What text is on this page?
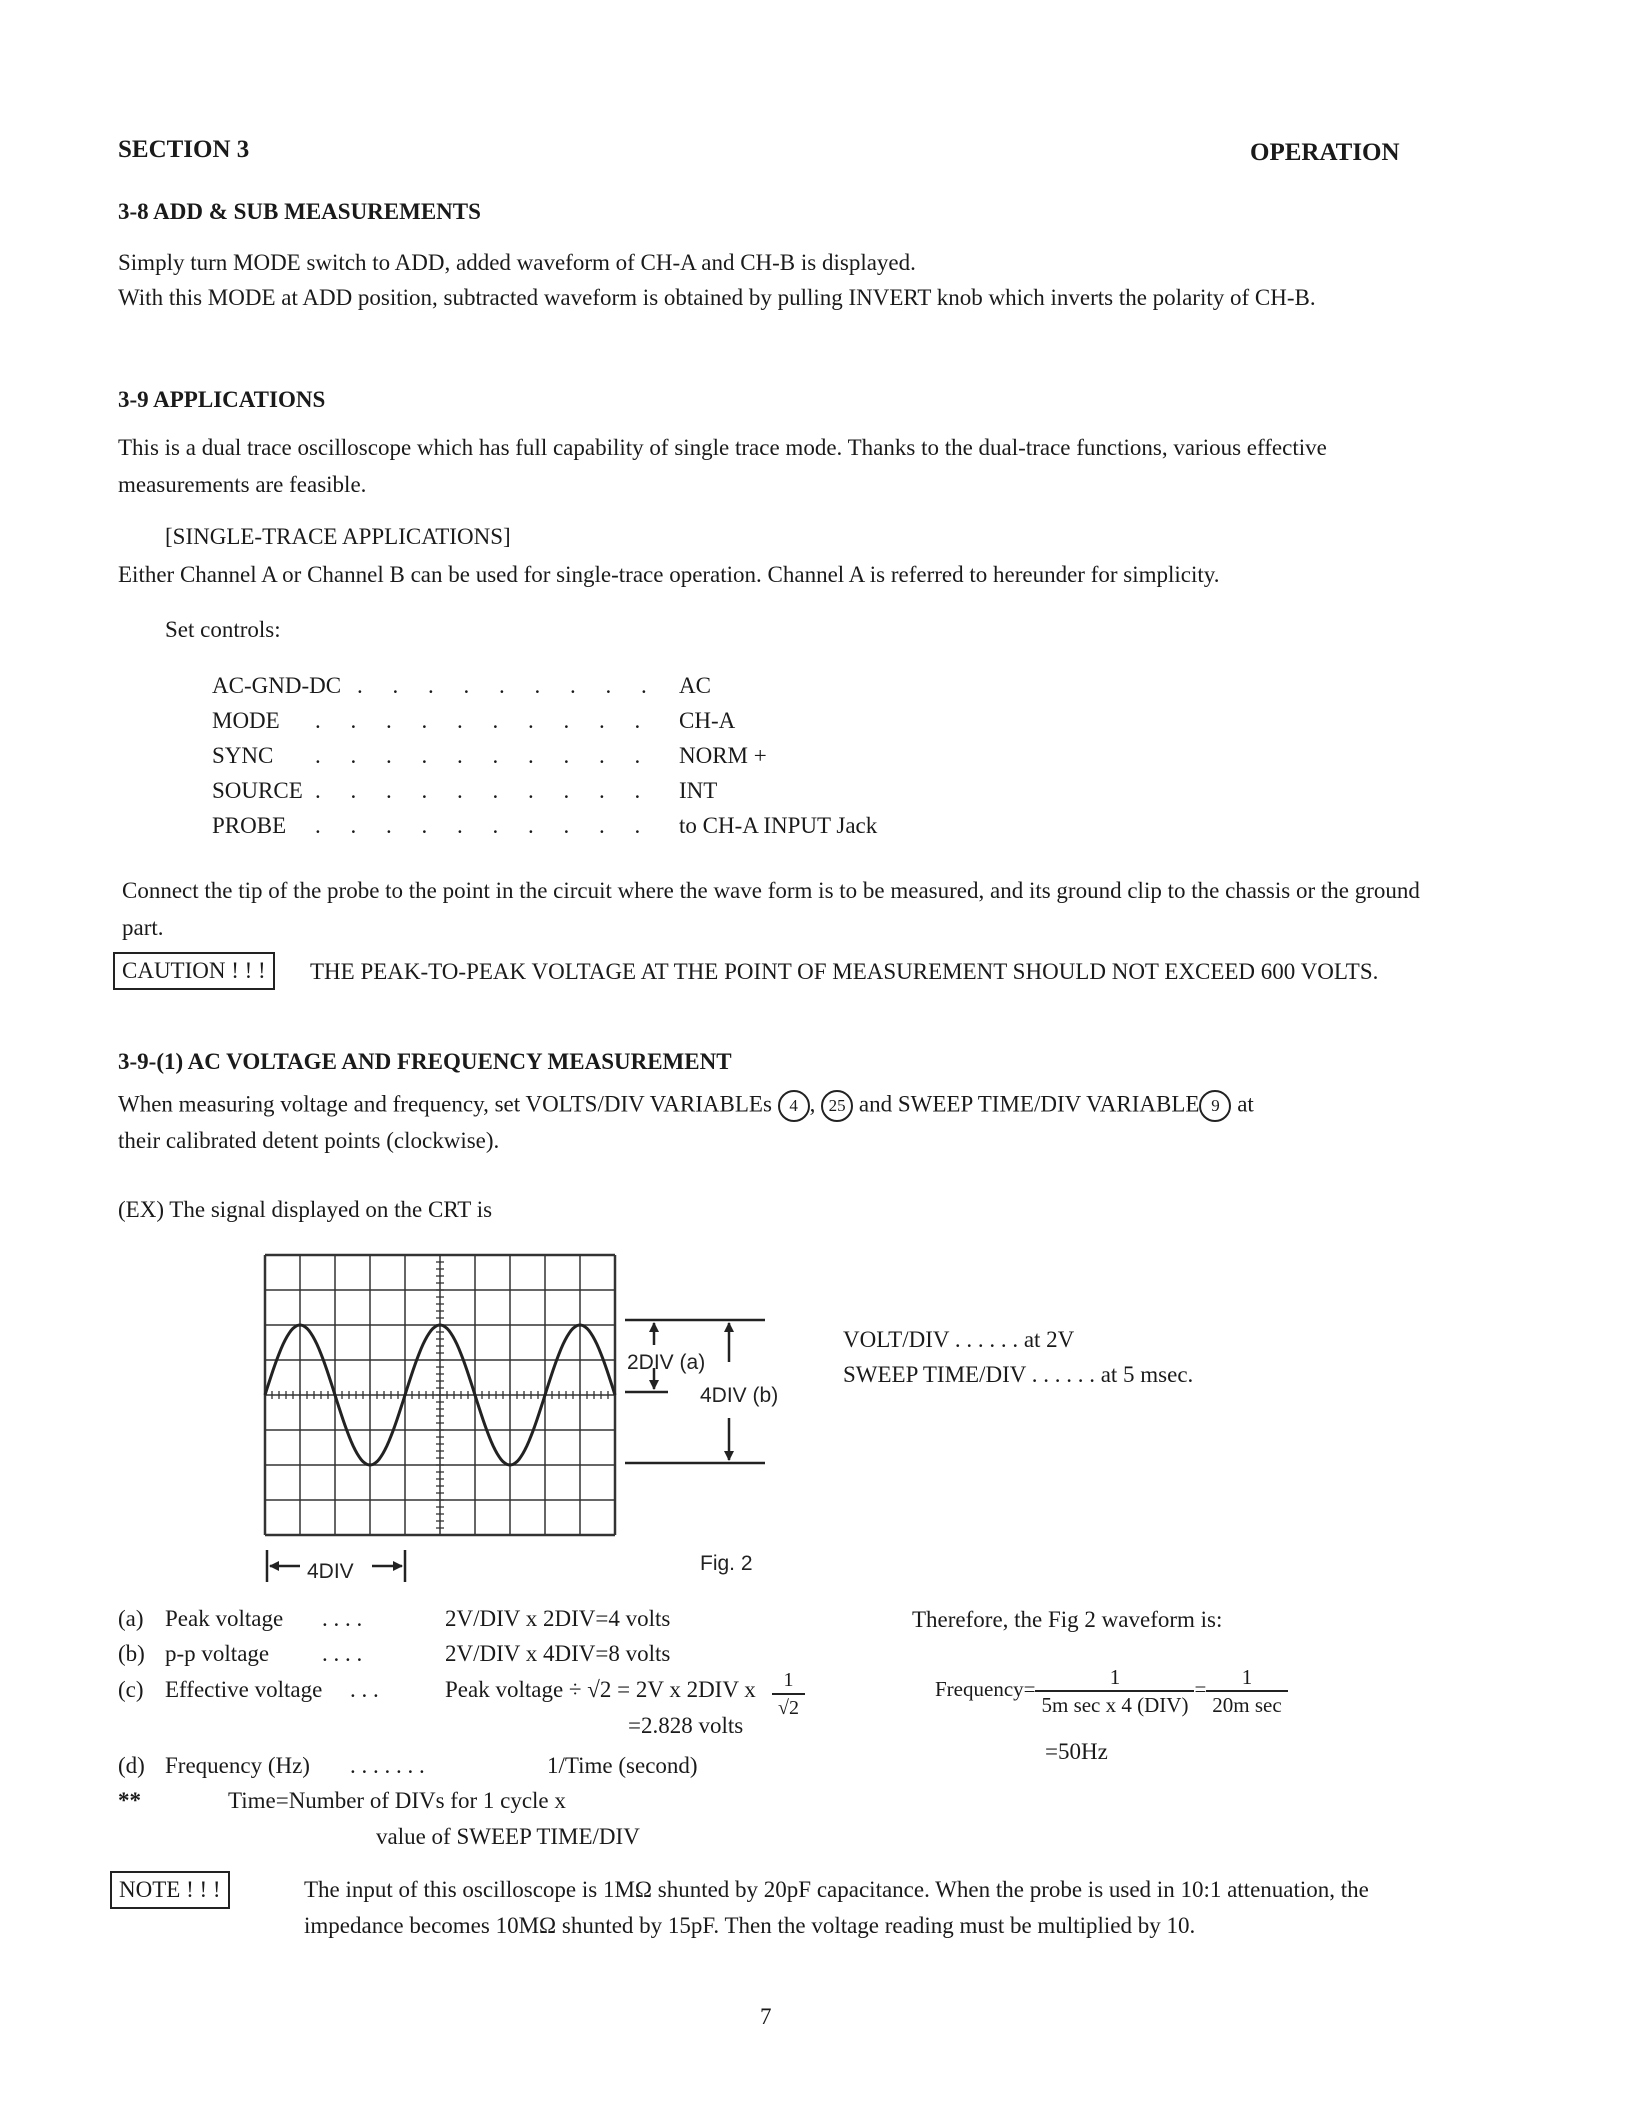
SECTION 3	OPERATION
3-8 ADD & SUB MEASUREMENTS
Simply turn MODE switch to ADD, added waveform of CH-A and CH-B is displayed.
With this MODE at ADD position, subtracted waveform is obtained by pulling INVERT knob which inverts the polarity of CH-B.
3-9 APPLICATIONS
This is a dual trace oscilloscope which has full capability of single trace mode. Thanks to the dual-trace functions, various effective measurements are feasible.
[SINGLE-TRACE APPLICATIONS]
Either Channel A or Channel B can be used for single-trace operation. Channel A is referred to hereunder for simplicity.
Set controls:
AC-GND-DC . . . . . . . . . AC
MODE . . . . . . . . . . CH-A
SYNC . . . . . . . . . . NORM +
SOURCE . . . . . . . . . . INT
PROBE . . . . . . . . . . to CH-A INPUT Jack
Connect the tip of the probe to the point in the circuit where the wave form is to be measured, and its ground clip to the chassis or the ground part.
CAUTION ! ! !	THE PEAK-TO-PEAK VOLTAGE AT THE POINT OF MEASUREMENT SHOULD NOT EXCEED 600 VOLTS.
3-9-(1) AC VOLTAGE AND FREQUENCY MEASUREMENT
When measuring voltage and frequency, set VOLTS/DIV VARIABLEs 4 , 25 and SWEEP TIME/DIV VARIABLE 9 at
their calibrated detent points (clockwise).
(EX) The signal displayed on the CRT is
2DIV (a)
4DIV (b)
4DIV	Fig. 2
VOLT/DIV . . . . . . at 2V
SWEEP TIME/DIV . . . . . . at 5 msec.
(a) Peak voltage . . . .	2V/DIV x 2DIV=4 volts
(b) p-p voltage . . . .	2V/DIV x 4DIV=8 volts
(c) Effective voltage . . .	Peak voltage ÷ √2 = 2V x 2DIV x $\frac{1}{√2}$
=2.828 volts
(d) Frequency (Hz) . . . . . . .	1/Time (second)
**	Time=Number of DIVs for 1 cycle x
value of SWEEP TIME/DIV
Therefore, the Fig 2 waveform is:
Frequency= $\frac{1}{\text{5m sec x 4 (DIV)}} = \frac{1}{\text{20m sec}}$
=50Hz
NOTE ! ! !	The input of this oscilloscope is 1MΩ shunted by 20pF capacitance. When the probe is used in 10:1 attenuation, the impedance becomes 10MΩ shunted by 15pF. Then the voltage reading must be multiplied by 10.
7
